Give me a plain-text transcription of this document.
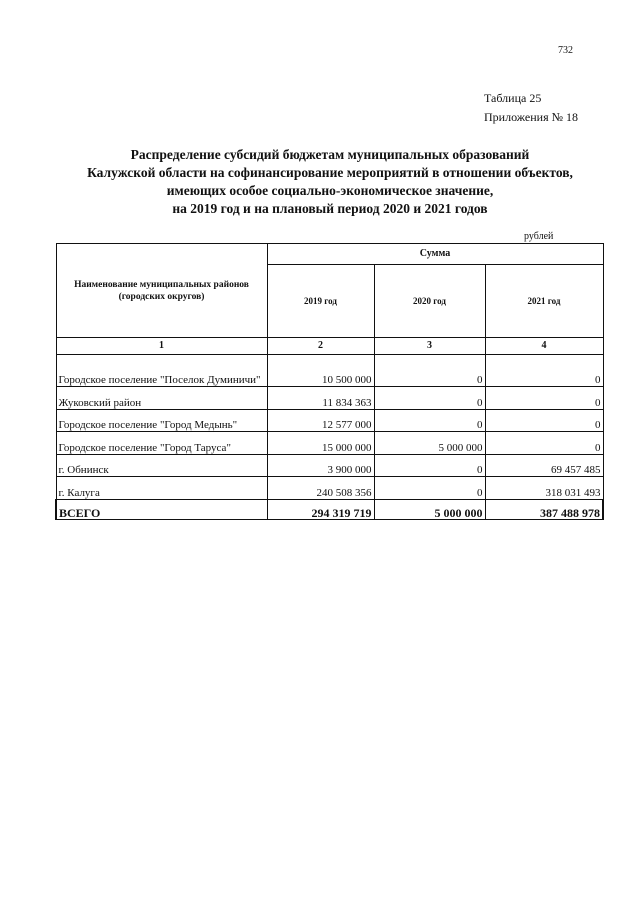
732
Таблица 25
Приложения № 18
Распределение субсидий бюджетам муниципальных образований
Калужской области на софинансирование мероприятий в отношении объектов,
имеющих особое социально-экономическое значение,
на 2019 год и на плановый период 2020 и 2021 годов
рублей
Наименование муниципальных районов (городских округов)	Сумма		
	2019 год	2020 год	2021 год
1	2	3	4
Городское поселение "Поселок Думиничи"	10 500 000	0	0
Жуковский район	11 834 363	0	0
Городское поселение "Город Медынь"	12 577 000	0	0
Городское поселение "Город Таруса"	15 000 000	5 000 000	0
г. Обнинск	3 900 000	0	69 457 485
г. Калуга	240 508 356	0	318 031 493
ВСЕГО	294 319 719	5 000 000	387 488 978
